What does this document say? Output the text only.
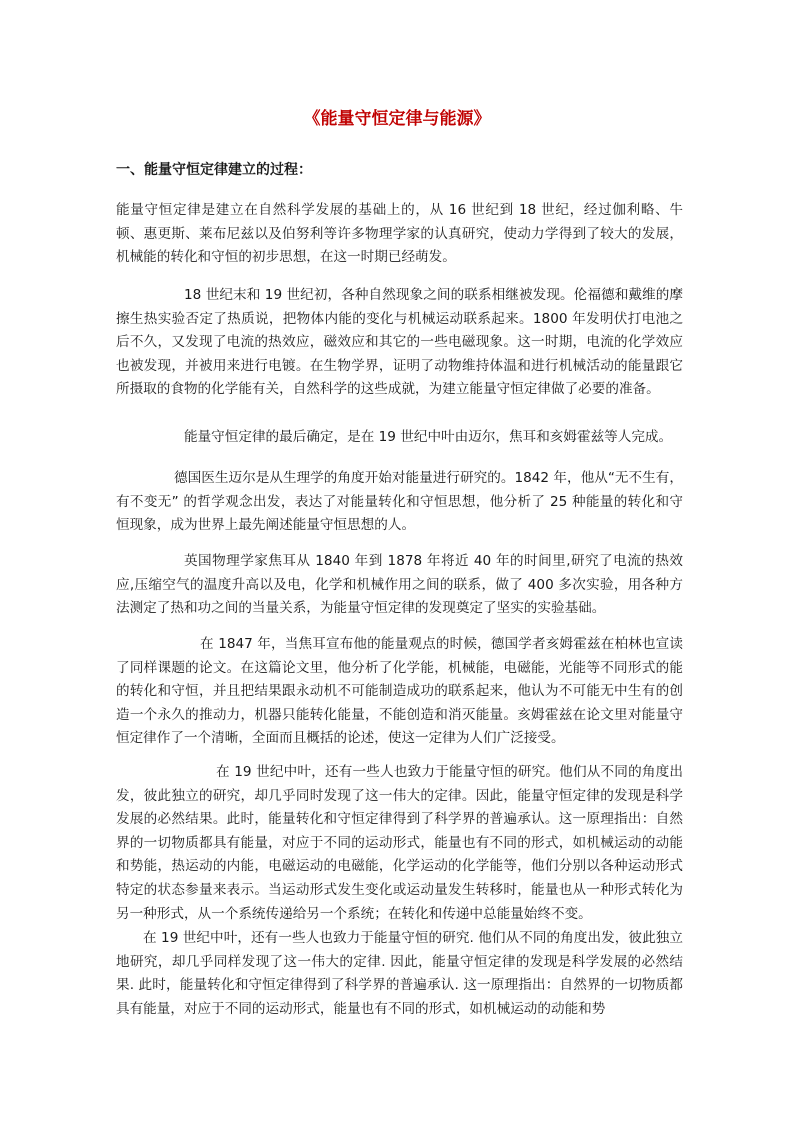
《能量守恒定律与能源》
一、能量守恒定律建立的过程：

能量守恒定律是建立在自然科学发展的基础上的，从 16 世纪到 18 世纪，经过伽利略、牛顿、惠更斯、莱布尼兹以及伯努利等许多物理学家的认真研究，使动力学得到了较大的发展，机械能的转化和守恒的初步思想，在这一时期已经萌发。

18 世纪末和 19 世纪初，各种自然现象之间的联系相继被发现。伦福德和戴维的摩擦生热实验否定了热质说，把物体内能的变化与机械运动联系起来。1800 年发明伏打电池之后不久，又发现了电流的热效应，磁效应和其它的一些电磁现象。这一时期，电流的化学效应也被发现，并被用来进行电镀。在生物学界，证明了动物维持体温和进行机械活动的能量跟它所摄取的食物的化学能有关，自然科学的这些成就，为建立能量守恒定律做了必要的准备。

能量守恒定律的最后确定，是在 19 世纪中叶由迈尔，焦耳和亥姆霍兹等人完成。

德国医生迈尔是从生理学的角度开始对能量进行研究的。1842 年，他从“无不生有，有不变无” 的哲学观念出发，表达了对能量转化和守恒思想，他分析了 25 种能量的转化和守恒现象，成为世界上最先阐述能量守恒思想的人。

英国物理学家焦耳从 1840 年到 1878 年将近 40 年的时间里,研究了电流的热效应,压缩空气的温度升高以及电，化学和机械作用之间的联系，做了 400 多次实验，用各种方法测定了热和功之间的当量关系，为能量守恒定律的发现奠定了坚实的实验基础。

在 1847 年，当焦耳宣布他的能量观点的时候，德国学者亥姆霍兹在柏林也宣读了同样课题的论文。在这篇论文里，他分析了化学能，机械能，电磁能，光能等不同形式的能的转化和守恒，并且把结果跟永动机不可能制造成功的联系起来，他认为不可能无中生有的创造一个永久的推动力，机器只能转化能量，不能创造和消灭能量。亥姆霍兹在论文里对能量守恒定律作了一个清晰，全面而且概括的论述，使这一定律为人们广泛接受。

在 19 世纪中叶，还有一些人也致力于能量守恒的研究。他们从不同的角度出发，彼此独立的研究，却几乎同时发现了这一伟大的定律。因此，能量守恒定律的发现是科学发展的必然结果。此时，能量转化和守恒定律得到了科学界的普遍承认。这一原理指出：自然界的一切物质都具有能量，对应于不同的运动形式，能量也有不同的形式，如机械运动的动能和势能，热运动的内能，电磁运动的电磁能，化学运动的化学能等，他们分别以各种运动形式特定的状态参量来表示。当运动形式发生变化或运动量发生转移时，能量也从一种形式转化为另一种形式，从一个系统传递给另一个系统；在转化和传递中总能量始终不变。

在 19 世纪中叶，还有一些人也致力于能量守恒的研究. 他们从不同的角度出发，彼此独立地研究，却几乎同样发现了这一伟大的定律. 因此，能量守恒定律的发现是科学发展的必然结果. 此时，能量转化和守恒定律得到了科学界的普遍承认. 这一原理指出：自然界的一切物质都具有能量，对应于不同的运动形式，能量也有不同的形式，如机械运动的动能和势
